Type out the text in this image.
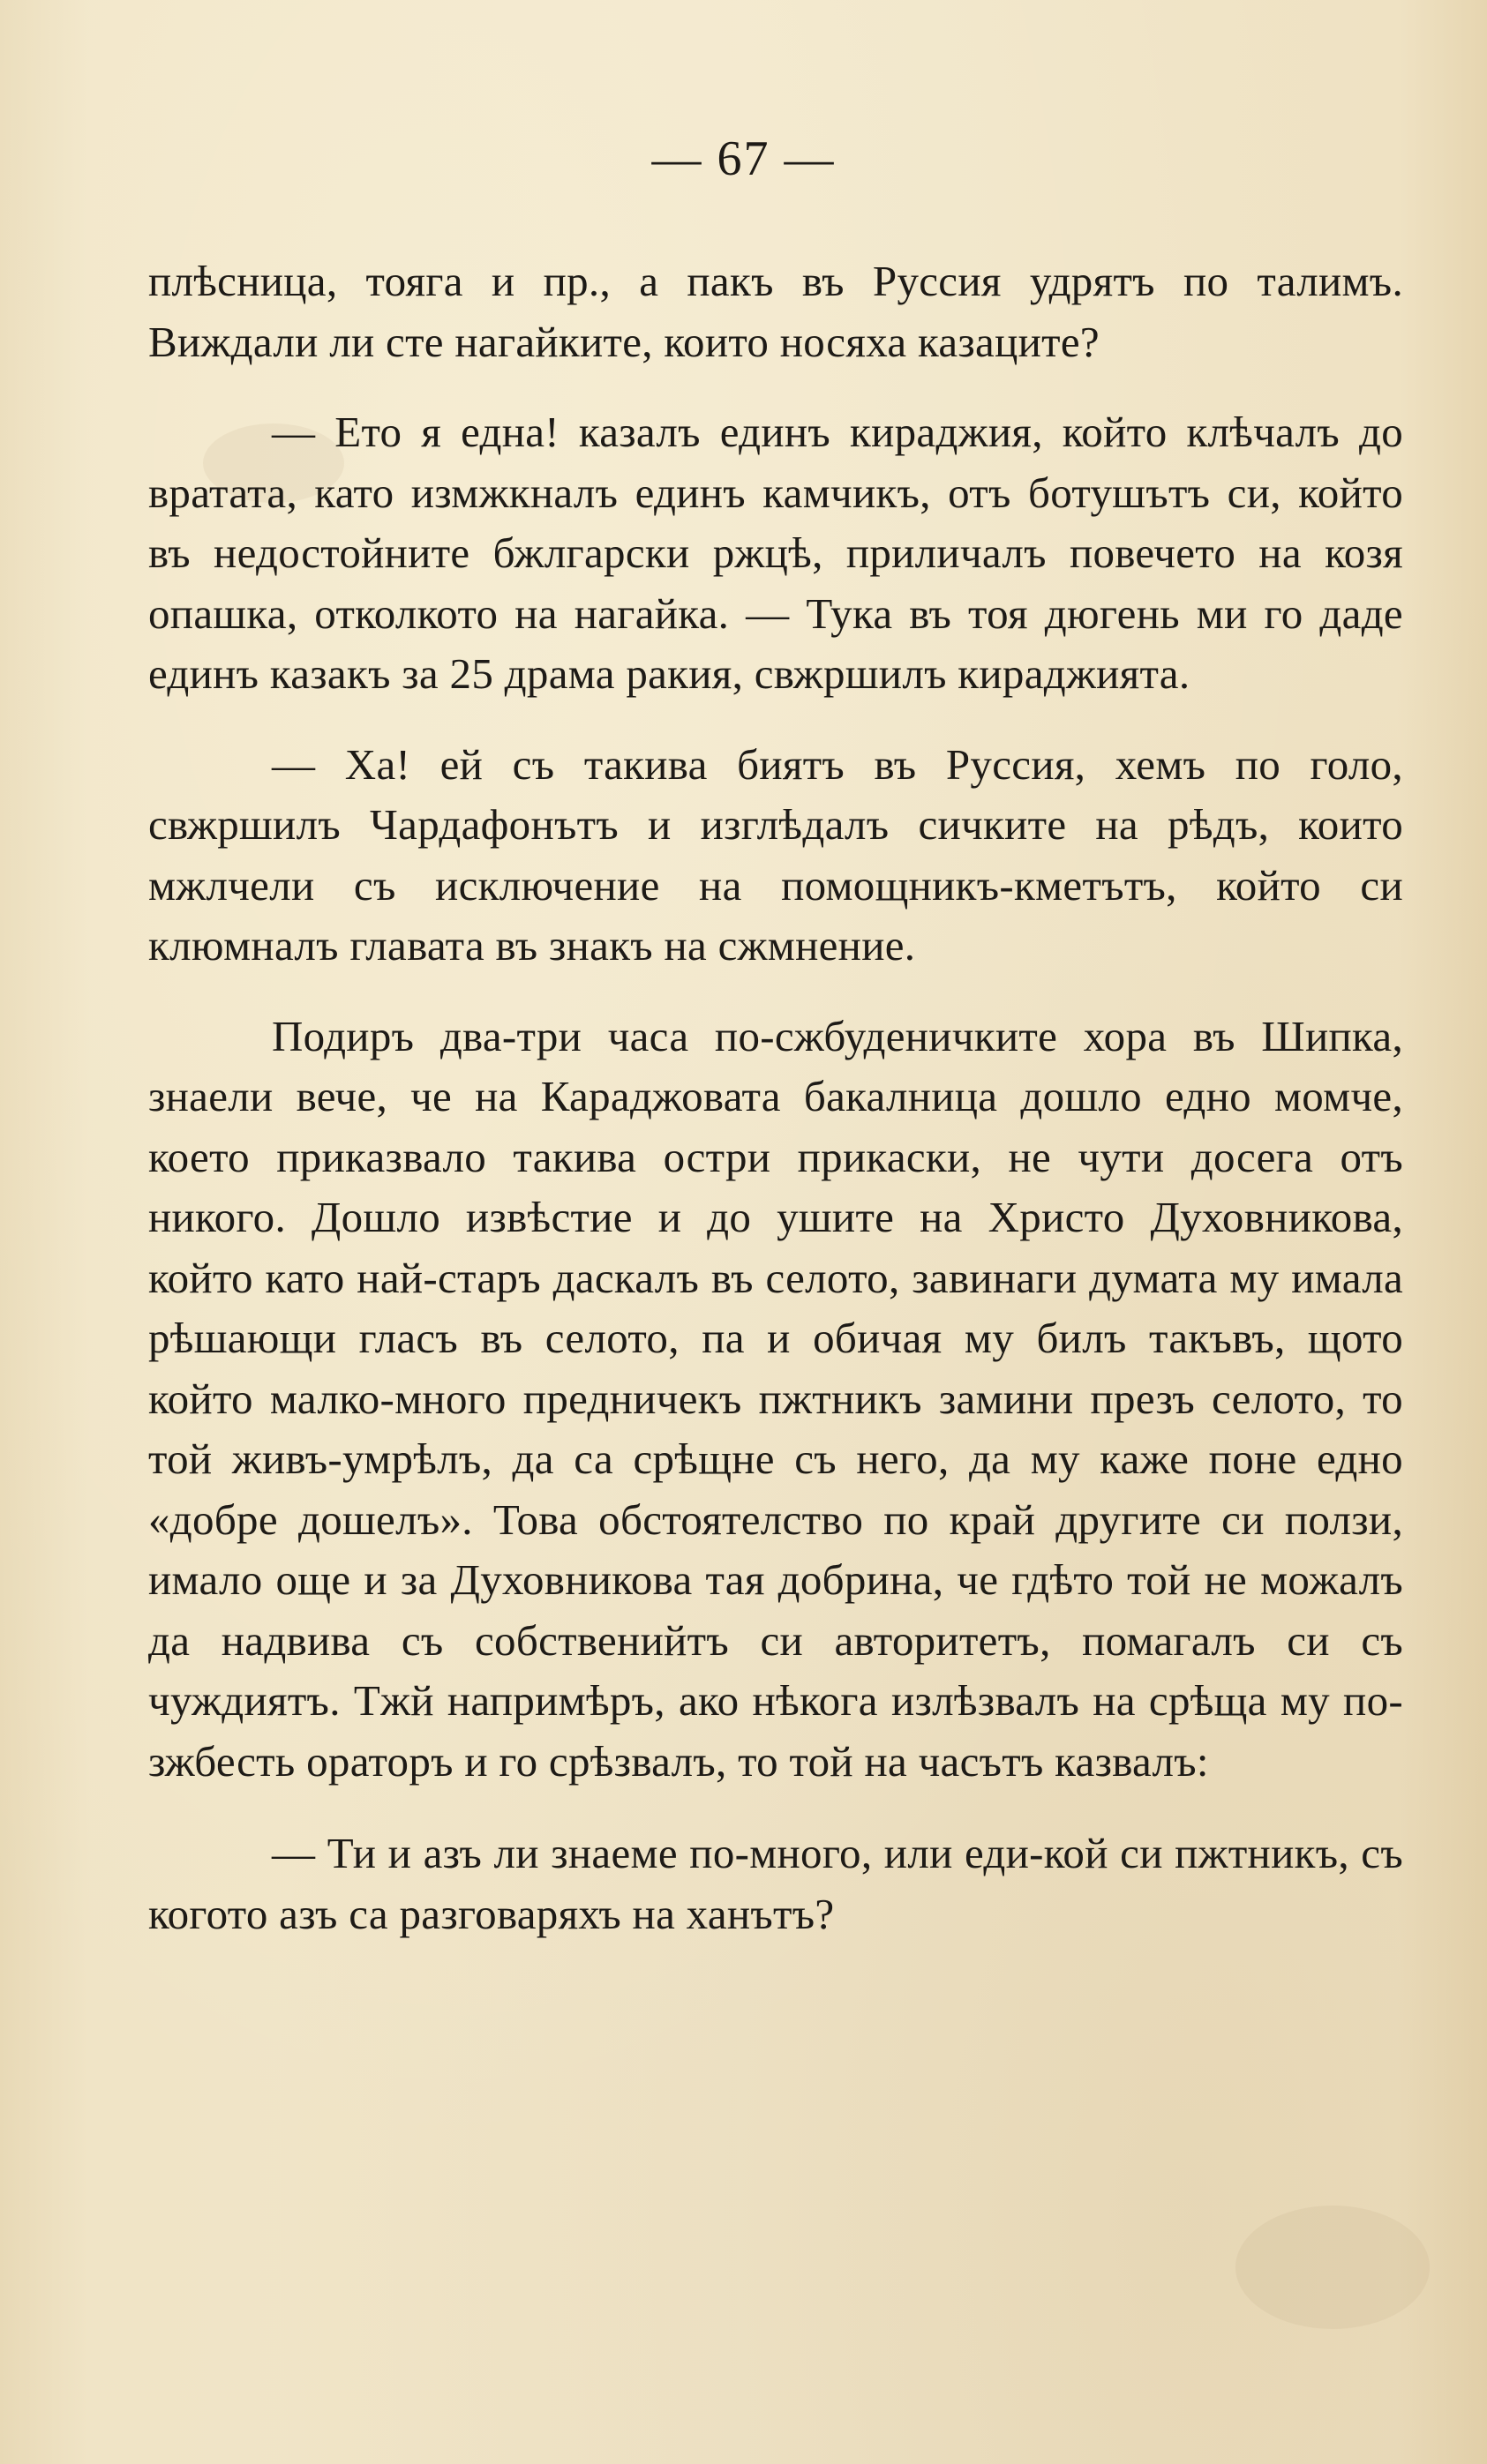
— 67 —

плѣсница, тояга и пр., а пакъ въ Руссия удрятъ по талимъ. Виждали ли сте нагайките, които носяха казаците?

— Ето я една! казалъ единъ кираджия, който клѣчалъ до вратата, като измжкналъ единъ камчикъ, отъ ботушътъ си, който въ недостойните бжлгарски ржцѣ, приличалъ повечето на козя опашка, отколкото на нагайка. — Тука въ тоя дюгень ми го даде единъ казакъ за 25 драма ракия, свжршилъ кираджията.

— Ха! ей съ такива биятъ въ Руссия, хемъ по голо, свжршилъ Чардафонътъ и изглѣдалъ сичките на рѣдъ, които мжлчели съ исключение на помощникъ-кметътъ, който си клюмналъ главата въ знакъ на сжмнение.

Подиръ два-три часа по-сжбуденичките хора въ Шипка, знаели вече, че на Караджовата бакалница дошло едно момче, което приказвало такива остри прикаски, не чути досега отъ никого. Дошло извѣстие и до ушите на Христо Духовникова, който като най-старъ даскалъ въ селото, завинаги думата му имала рѣшающи гласъ въ селото, па и обичая му билъ такъвъ, щото който малко-много предничекъ пжтникъ замини презъ селото, то той живъ-умрѣлъ, да са срѣщне съ него, да му каже поне едно «добре дошелъ». Това обстоятелство по край другите си ползи, имало още и за Духовникова тая добрина, че гдѣто той не можалъ да надвива съ собственийтъ си авторитетъ, помагалъ си съ чуждиятъ. Тжй напримѣръ, ако нѣкога излѣзвалъ на срѣща му по-зжбесть ораторъ и го срѣзвалъ, то той на часътъ казвалъ:

— Ти и азъ ли знаеме по-много, или еди-кой си пжтникъ, съ когото азъ са разговаряхъ на ханътъ?
